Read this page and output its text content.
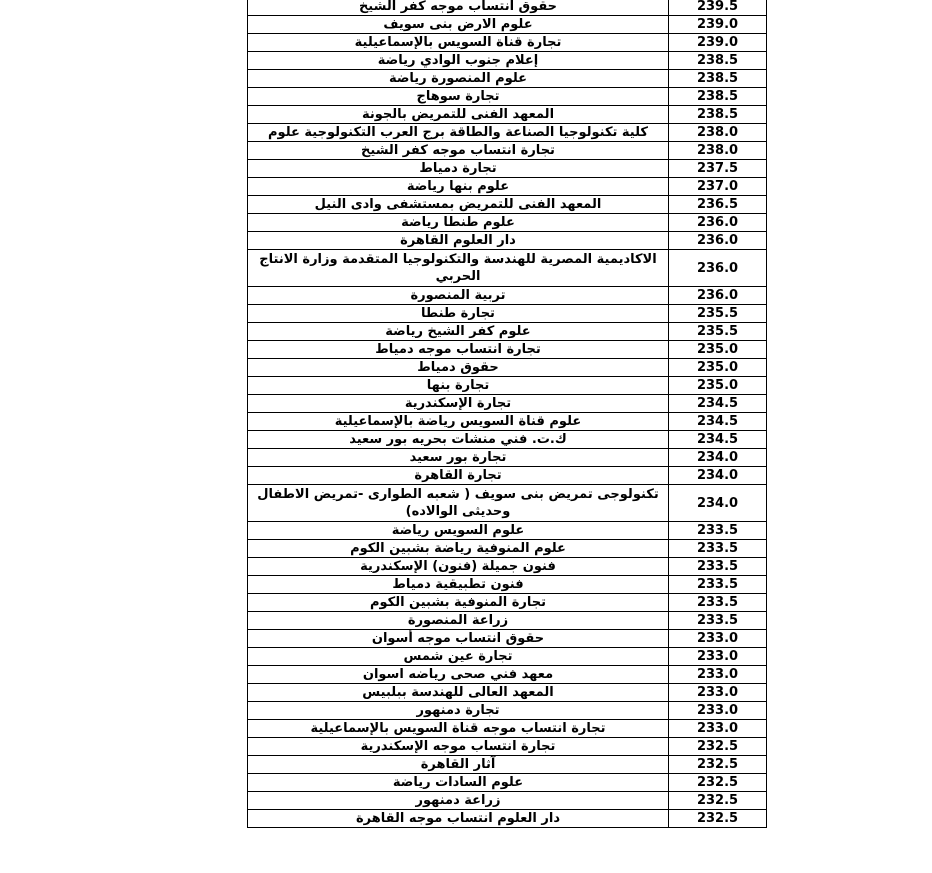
حقوق انتساب موجه كفر الشيخ	239.5
علوم الارض بنى سويف	239.0
تجارة قناة السويس بالإسماعيلية	239.0
إعلام جنوب الوادي رياضة	238.5
علوم المنصورة رياضة	238.5
تجارة سوهاج	238.5
المعهد الفنى للتمريض بالجونة	238.5
كلية تكنولوجيا الصناعة والطاقة برج العرب التكنولوجية علوم	238.0
تجارة انتساب موجه كفر الشيخ	238.0
تجارة دمياط	237.5
علوم بنها رياضة	237.0
المعهد الفنى للتمريض بمستشفى وادى النيل	236.5
علوم طنطا رياضة	236.0
دار العلوم القاهرة	236.0
الاكاديمية المصرية للهندسة والتكنولوجيا المتقدمة وزارة الانتاج الحربي	236.0
تربية المنصورة	236.0
تجارة طنطا	235.5
علوم كفر الشيخ رياضة	235.5
تجارة انتساب موجه دمياط	235.0
حقوق دمياط	235.0
تجارة بنها	235.0
تجارة الإسكندرية	234.5
علوم قناة السويس رياضة بالإسماعيلية	234.5
ك.ت. فني منشات بحريه بور سعيد	234.5
تجارة بور سعيد	234.0
تجارة القاهرة	234.0
تكنولوجى تمريض بنى سويف ( شعبه الطوارى -تمريض الاطفال وحديثى الوالاده)	234.0
علوم السويس رياضة	233.5
علوم المنوفية رياضة بشبين الكوم	233.5
فنون جميلة (فنون) الإسكندرية	233.5
فنون تطبيقية دمياط	233.5
تجارة المنوفية بشبين الكوم	233.5
زراعة المنصورة	233.5
حقوق انتساب موجه أسوان	233.0
تجارة عين شمس	233.0
معهد فني صحى رياضه اسوان	233.0
المعهد العالى للهندسة ببلبيس	233.0
تجارة دمنهور	233.0
تجارة انتساب موجه قناة السويس بالإسماعيلية	233.0
تجارة انتساب موجه الإسكندرية	232.5
آثار القاهرة	232.5
علوم السادات رياضة	232.5
زراعة دمنهور	232.5
دار العلوم انتساب موجه القاهرة	232.5
